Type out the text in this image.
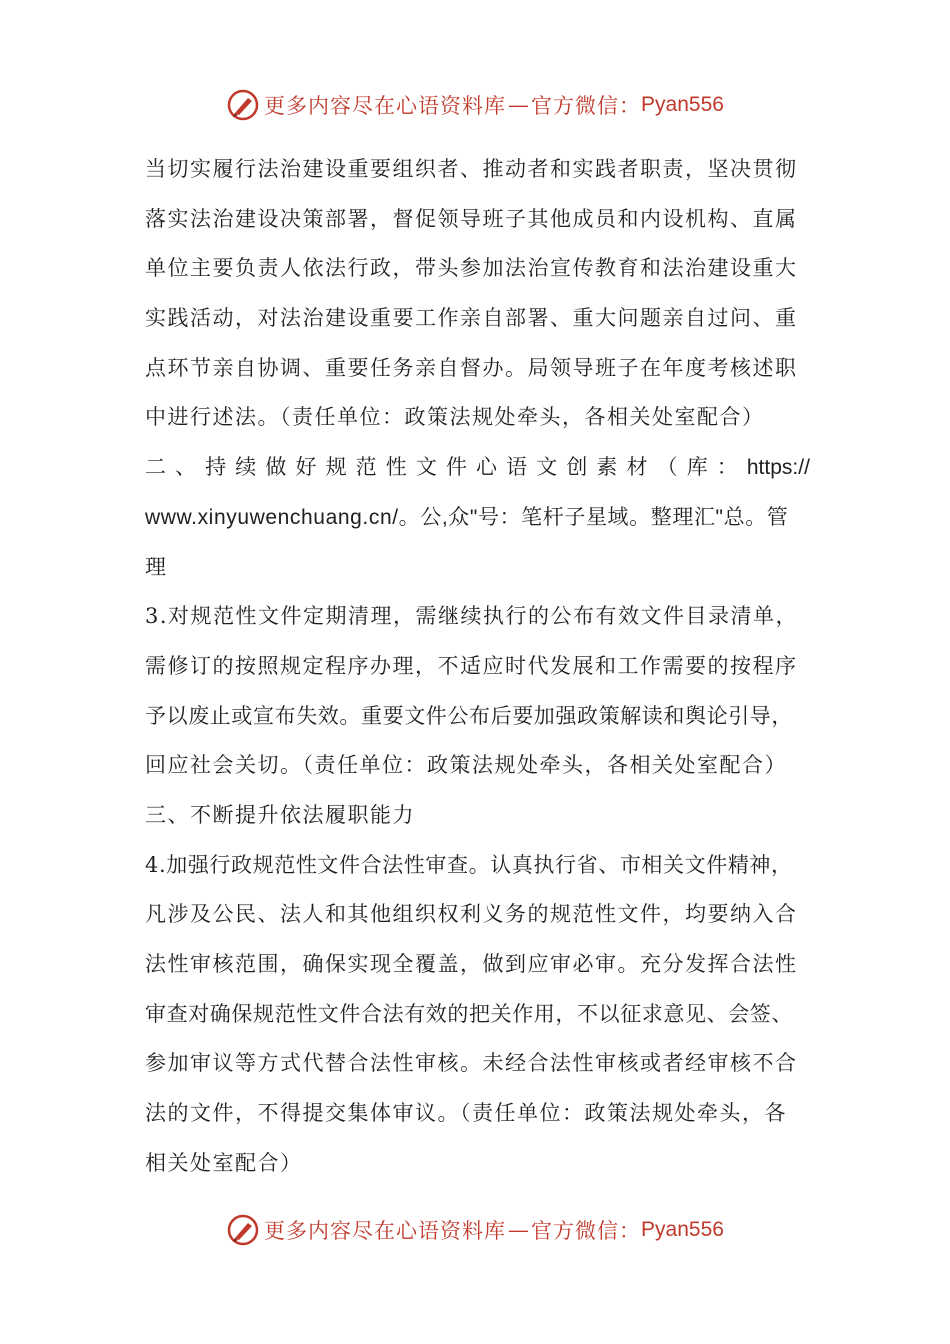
更多内容尽在心语资料库 — 官方微信： Pyan556
当切实履行法治建设重要组织者、推动者和实践者职责，坚决贯彻
落实法治建设决策部署，督促领导班子其他成员和内设机构、直属
单位主要负责人依法行政，带头参加法治宣传教育和法治建设重大
实践活动，对法治建设重要工作亲自部署、重大问题亲自过问、重
点环节亲自协调、重要任务亲自督办。局领导班子在年度考核述职
中进行述法。（责任单位：政策法规处牵头，各相关处室配合）
二 、 持 续 做 好 规 范 性 文 件 心 语 文 创 素 材 （ 库 ： https://
www.xinyuwenchuang.cn/。公,众"号：笔杆子星域。整理汇"总。管
理
3.对规范性文件定期清理，需继续执行的公布有效文件目录清单，
需修订的按照规定程序办理，不适应时代发展和工作需要的按程序
予以废止或宣布失效。重要文件公布后要加强政策解读和舆论引导，
回应社会关切。（责任单位：政策法规处牵头，各相关处室配合）
三、不断提升依法履职能力
4.加强行政规范性文件合法性审查。认真执行省、市相关文件精神，
凡涉及公民、法人和其他组织权利义务的规范性文件，均要纳入合
法性审核范围，确保实现全覆盖，做到应审必审。充分发挥合法性
审查对确保规范性文件合法有效的把关作用，不以征求意见、会签、
参加审议等方式代替合法性审核。未经合法性审核或者经审核不合
法的文件，不得提交集体审议。（责任单位：政策法规处牵头，各
相关处室配合）
更多内容尽在心语资料库 — 官方微信： Pyan556
